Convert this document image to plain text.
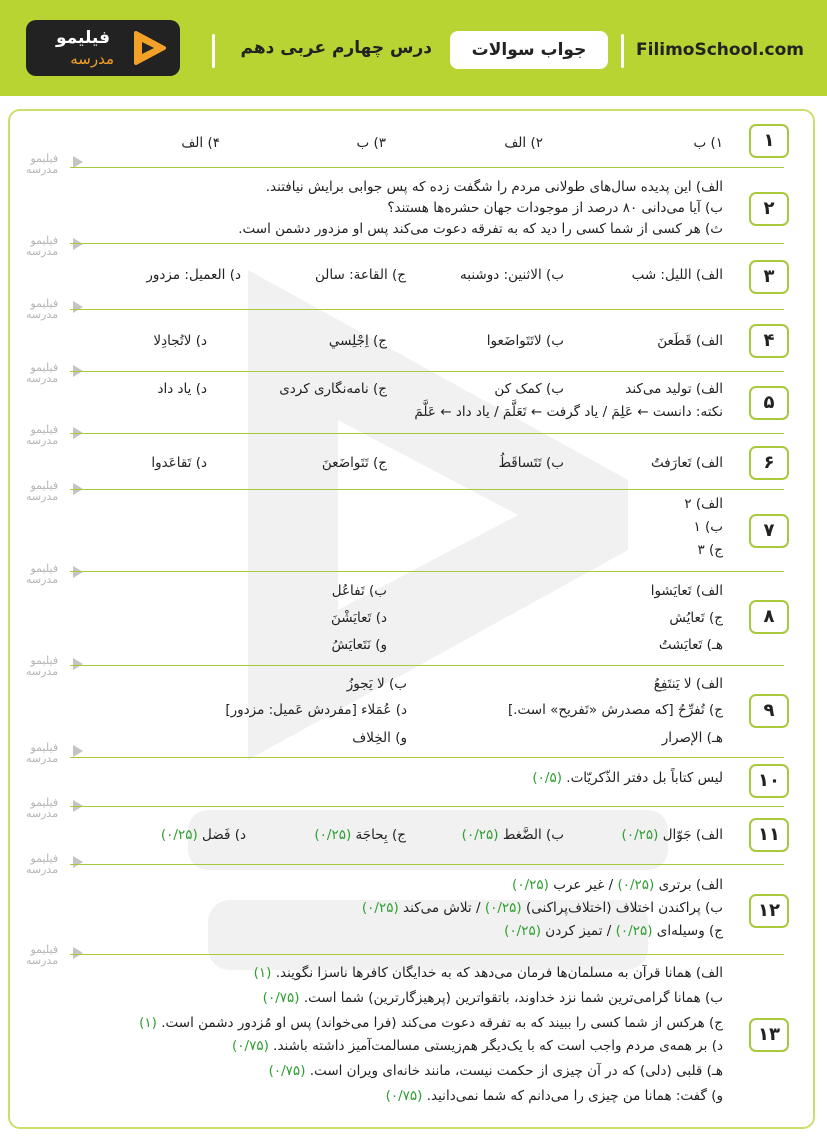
FilimoSchool.com
جواب سوالات
درس چهارم عربی دهم
فیلیمو
مدرسه
فیلیمو
مدرسه
فیلیمو
مدرسه
فیلیمو
مدرسه
فیلیمو
مدرسه
فیلیمو
مدرسه
فیلیمو
مدرسه
فیلیمو
مدرسه
فیلیمو
مدرسه
فیلیمو
مدرسه
فیلیمو
مدرسه
فیلیمو
مدرسه
فیلیمو
مدرسه
۱
۱) ب
۲) الف
۳) ب
۴) الف
۲
الف) این پدیده سال‌های طولانی مردم را شگفت زده که پس جوابی برایش نیافتند.
ب) آیا می‌دانی ۸۰ درصد از موجودات جهان حشره‌ها هستند؟
ث) هر کسی از شما کسی را دید که به تفرقه دعوت می‌کند پس او مزدور دشمن است.
۳
الف) اللیل: شب
ب) الاثنین: دوشنبه
ج) القاعة: سالن
د) العمیل: مزدور
۴
الف) قَطَعنَ
ب) لاتَتَواضَعوا
ج) اِجْلِسي
د) لاتُجادِلا
۵
الف) تولید می‌کند
ب) کمک کن
ج) نامه‌نگاری کردی
د) یاد داد
نکته: دانست ← عَلِمَ / یاد گرفت ← تَعَلَّمَ / یاد داد ← عَلَّمَ
۶
الف) تَعارَفتُ
ب) تَتَساقَطُ
ج) تَتَواضَعنَ
د) تَقاعَدوا
۷
الف) ۲
ب) ۱
ج) ۳
۸
الف) تَعايَشوا
ب) تَفاعُل
ج) تَعايُش
د) تَعايَشْنَ
هـ) تَعايَشتُ
و) نَتَعايَشُ
۹
الف) لا يَنتَفِعُ
ب) لا يَجوزُ
ج) تُفرِّحُ [که مصدرش «تَفریح» است.]
د) عُمَلاء [مفردش عَميل: مزدور]
هـ) الإصرار
و) الخِلاف
۱۰
لیس کتاباً بل دفتر الذّکریّات. (۰/۵)
۱۱
الف) جَوّال (۰/۲۵)
ب) الضَّغط (۰/۲۵)
ج) بِحاجَة (۰/۲۵)
د) فَضل (۰/۲۵)
۱۲
الف) برتری (۰/۲۵) / غیر عرب (۰/۲۵)
ب) پراکندن اختلاف (اختلاف‌پراکنی) (۰/۲۵) / تلاش می‌کند (۰/۲۵)
ج) وسیله‌ای (۰/۲۵) / تمیز کردن (۰/۲۵)
۱۳
الف) همانا قرآن به مسلمان‌ها فرمان می‌دهد که به خدایگان کافرها ناسزا نگویند. (۱)
ب) همانا گرامی‌ترین شما نزد خداوند، باتقواترین (پرهیزگارترین) شما است. (۰/۷۵)
ج) هرکس از شما کسی را ببیند که به تفرقه دعوت می‌کند (فرا می‌خواند) پس او مُزدور دشمن است. (۱)
د) بر همه‌ی مردم واجب است که با یک‌دیگر هم‌زیستی مسالمت‌آمیز داشته باشند. (۰/۷۵)
هـ) قلبی (دلی) که در آن چیزی از حکمت نیست، مانند خانه‌ای ویران است. (۰/۷۵)
و) گفت: همانا من چیزی را می‌دانم که شما نمی‌دانید. (۰/۷۵)
